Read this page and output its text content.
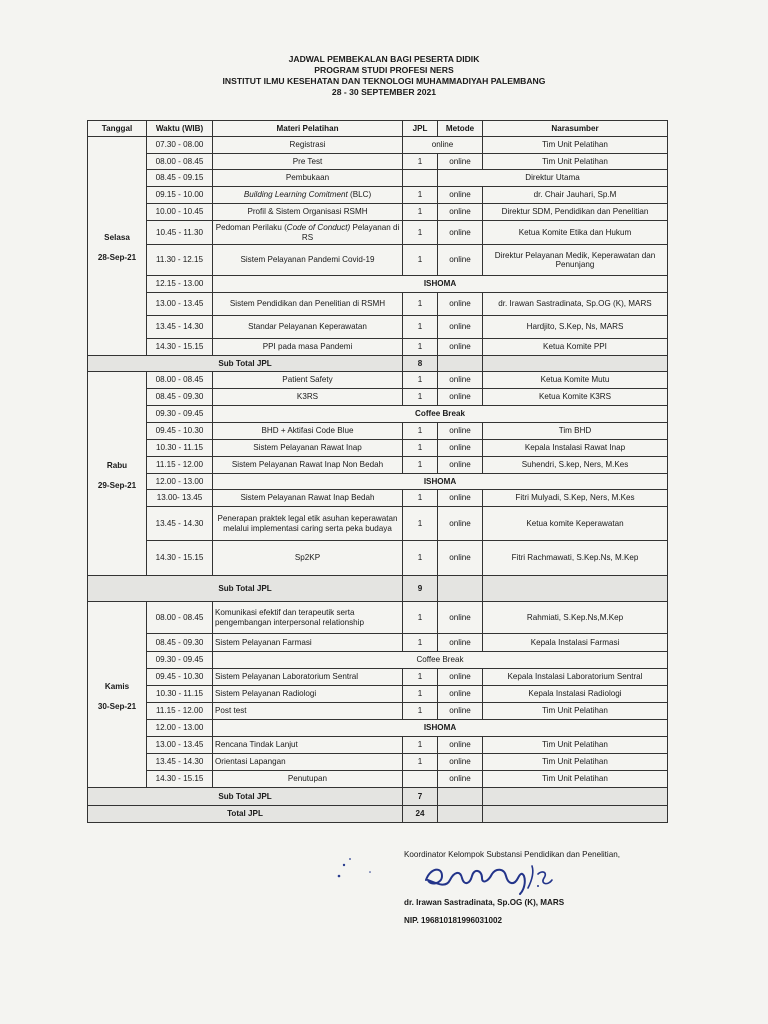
JADWAL PEMBEKALAN BAGI PESERTA DIDIK
PROGRAM STUDI PROFESI NERS
INSTITUT ILMU KESEHATAN DAN TEKNOLOGI MUHAMMADIYAH PALEMBANG
28 - 30 SEPTEMBER 2021
Tanggal	Waktu (WIB)	Materi Pelatihan	JPL	Metode	Narasumber

Selasa
28-Sep-21	07.30 - 08.00	Registrasi	online		Tim Unit Pelatihan
	08.00 - 08.45	Pre Test	1	online	Tim Unit Pelatihan
	08.45 - 09.15	Pembukaan		Direktur Utama	
	09.15 - 10.00	Building Learning Comitment (BLC)	1	online	dr. Chair Jauhari, Sp.M
	10.00 - 10.45	Profil & Sistem Organisasi RSMH	1	online	Direktur SDM, Pendidikan dan Penelitian
	10.45 - 11.30	Pedoman Perilaku (Code of Conduct) Pelayanan di RS	1	online	Ketua Komite Etika dan Hukum
	11.30 - 12.15	Sistem Pelayanan Pandemi Covid-19	1	online	Direktur Pelayanan Medik, Keperawatan dan Penunjang
	12.15 - 13.00	ISHOMA			
	13.00 - 13.45	Sistem Pendidikan dan Penelitian di RSMH	1	online	dr. Irawan Sastradinata, Sp.OG (K), MARS
	13.45 - 14.30	Standar Pelayanan Keperawatan	1	online	Hardjito, S.Kep, Ns, MARS
	14.30 - 15.15	PPI pada masa Pandemi	1	online	Ketua Komite PPI
Sub Total JPL			8		

Rabu
29-Sep-21	08.00 - 08.45	Patient Safety	1	online	Ketua Komite Mutu
	08.45 - 09.30	K3RS	1	online	Ketua Komite K3RS
	09.30 - 09.45	Coffee Break			
	09.45 - 10.30	BHD + Aktifasi Code Blue	1	online	Tim BHD
	10.30 - 11.15	Sistem Pelayanan Rawat Inap	1	online	Kepala Instalasi Rawat Inap
	11.15 - 12.00	Sistem Pelayanan Rawat Inap Non Bedah	1	online	Suhendri, S.kep, Ners, M.Kes
	12.00 - 13.00	ISHOMA			
	13.00- 13.45	Sistem Pelayanan Rawat Inap Bedah	1	online	Fitri Mulyadi, S.Kep, Ners, M.Kes
	13.45 - 14.30	Penerapan praktek legal etik asuhan keperawatan melalui implementasi caring serta peka budaya	1	online	Ketua komite Keperawatan
	14.30 - 15.15	Sp2KP	1	online	Fitri Rachmawati, S.Kep.Ns, M.Kep
Sub Total JPL			9		

Kamis
30-Sep-21	08.00 - 08.45	Komunikasi efektif dan terapeutik serta pengembangan interpersonal relationship	1	online	Rahmiati, S.Kep.Ns,M.Kep
	08.45 - 09.30	Sistem Pelayanan Farmasi	1	online	Kepala Instalasi Farmasi
	09.30 - 09.45	Coffee Break			
	09.45 - 10.30	Sistem Pelayanan Laboratorium Sentral	1	online	Kepala Instalasi Laboratorium Sentral
	10.30 - 11.15	Sistem Pelayanan Radiologi	1	online	Kepala Instalasi Radiologi
	11.15 - 12.00	Post test	1	online	Tim Unit Pelatihan
	12.00 - 13.00	ISHOMA			
	13.00 - 13.45	Rencana Tindak Lanjut	1	online	Tim Unit Pelatihan
	13.45 - 14.30	Orientasi Lapangan	1	online	Tim Unit Pelatihan
	14.30 - 15.15	Penutupan		online	Tim Unit Pelatihan
Sub Total JPL			7		
Total JPL			24		
Koordinator Kelompok Substansi Pendidikan dan Penelitian,
dr. Irawan Sastradinata, Sp.OG (K), MARS
NIP. 196810181996031002
